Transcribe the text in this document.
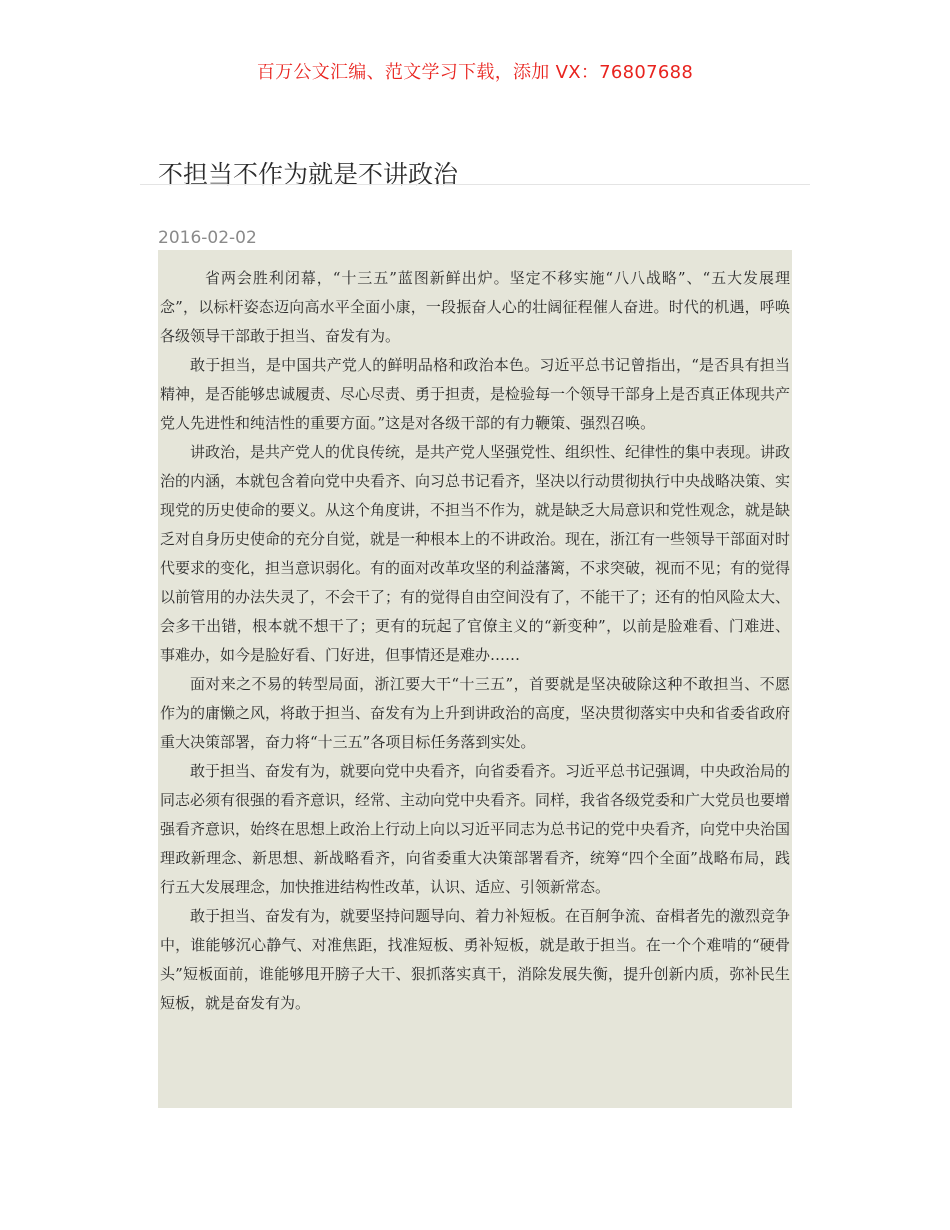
百万公文汇编、范文学习下载，添加 VX：76807688
不担当不作为就是不讲政治
2016-02-02

省两会胜利闭幕，“十三五”蓝图新鲜出炉。坚定不移实施“八八战略”、“五大发展理念”，以标杆姿态迈向高水平全面小康，一段振奋人心的壮阔征程催人奋进。时代的机遇，呼唤各级领导干部敢于担当、奋发有为。

敢于担当，是中国共产党人的鲜明品格和政治本色。习近平总书记曾指出，“是否具有担当精神，是否能够忠诚履责、尽心尽责、勇于担责，是检验每一个领导干部身上是否真正体现共产党人先进性和纯洁性的重要方面。”这是对各级干部的有力鞭策、强烈召唤。

讲政治，是共产党人的优良传统，是共产党人坚强党性、组织性、纪律性的集中表现。讲政治的内涵，本就包含着向党中央看齐、向习总书记看齐，坚决以行动贯彻执行中央战略决策、实现党的历史使命的要义。从这个角度讲，不担当不作为，就是缺乏大局意识和党性观念，就是缺乏对自身历史使命的充分自觉，就是一种根本上的不讲政治。现在，浙江有一些领导干部面对时代要求的变化，担当意识弱化。有的面对改革攻坚的利益藩篱，不求突破，视而不见；有的觉得以前管用的办法失灵了，不会干了；有的觉得自由空间没有了，不能干了；还有的怕风险太大、会多干出错，根本就不想干了；更有的玩起了官僚主义的“新变种”，以前是脸难看、门难进、事难办，如今是脸好看、门好进，但事情还是难办……

面对来之不易的转型局面，浙江要大干“十三五”，首要就是坚决破除这种不敢担当、不愿作为的庸懒之风，将敢于担当、奋发有为上升到讲政治的高度，坚决贯彻落实中央和省委省政府重大决策部署，奋力将“十三五”各项目标任务落到实处。

敢于担当、奋发有为，就要向党中央看齐，向省委看齐。习近平总书记强调，中央政治局的同志必须有很强的看齐意识，经常、主动向党中央看齐。同样，我省各级党委和广大党员也要增强看齐意识，始终在思想上政治上行动上向以习近平同志为总书记的党中央看齐，向党中央治国理政新理念、新思想、新战略看齐，向省委重大决策部署看齐，统筹“四个全面”战略布局，践行五大发展理念，加快推进结构性改革，认识、适应、引领新常态。

敢于担当、奋发有为，就要坚持问题导向、着力补短板。在百舸争流、奋楫者先的激烈竞争中，谁能够沉心静气、对准焦距，找准短板、勇补短板，就是敢于担当。在一个个难啃的“硬骨头”短板面前，谁能够甩开膀子大干、狠抓落实真干，消除发展失衡，提升创新内质，弥补民生短板，就是奋发有为。
